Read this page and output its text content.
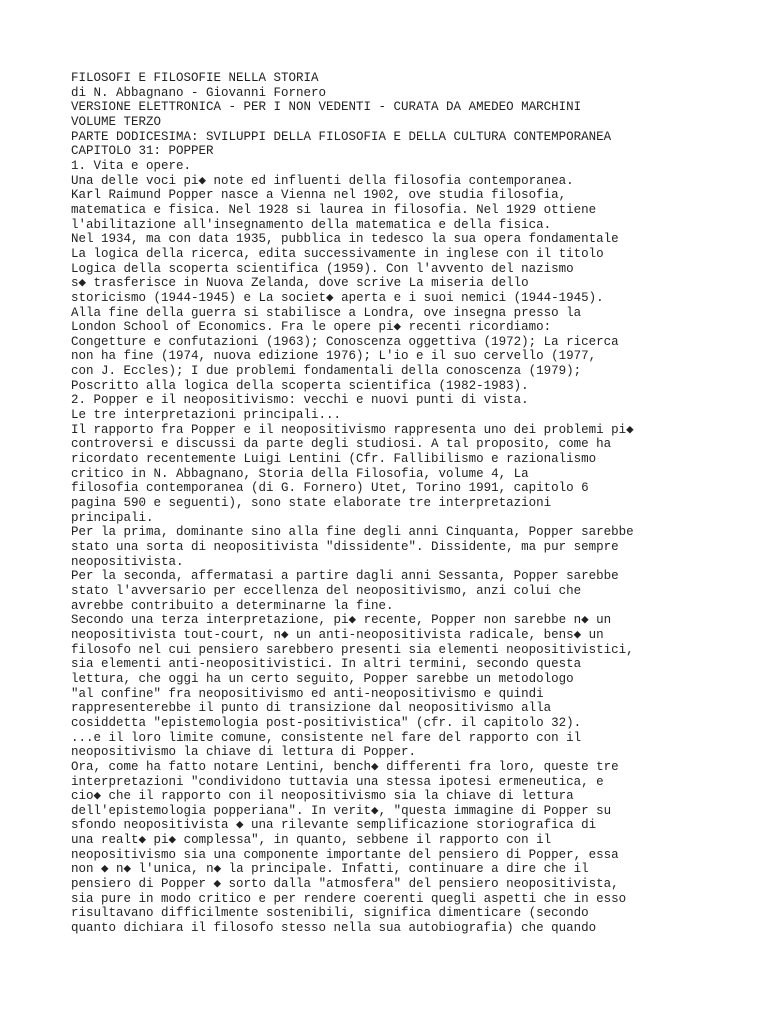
FILOSOFI E FILOSOFIE NELLA STORIA

di N. Abbagnano - Giovanni Fornero

VERSIONE ELETTRONICA - PER I NON VEDENTI - CURATA DA AMEDEO MARCHINI

VOLUME TERZO

PARTE DODICESIMA: SVILUPPI DELLA FILOSOFIA E DELLA CULTURA CONTEMPORANEA

CAPITOLO 31: POPPER

1. Vita e opere.

Una delle voci pi◆ note ed influenti della filosofia contemporanea.

Karl Raimund Popper nasce a Vienna nel 1902, ove studia filosofia,

matematica e fisica. Nel 1928 si laurea in filosofia. Nel 1929 ottiene

l'abilitazione all'insegnamento della matematica e della fisica.

Nel 1934, ma con data 1935, pubblica in tedesco la sua opera fondamentale

La logica della ricerca, edita successivamente in inglese con il titolo

Logica della scoperta scientifica (1959). Con l'avvento del nazismo

s◆ trasferisce in Nuova Zelanda, dove scrive La miseria dello

storicismo (1944-1945) e La societ◆ aperta e i suoi nemici (1944-1945).

Alla fine della guerra si stabilisce a Londra, ove insegna presso la

London School of Economics. Fra le opere pi◆ recenti ricordiamo:

Congetture e confutazioni (1963); Conoscenza oggettiva (1972); La ricerca

non ha fine (1974, nuova edizione 1976); L'io e il suo cervello (1977,

con J. Eccles); I due problemi fondamentali della conoscenza (1979);

Poscritto alla logica della scoperta scientifica (1982-1983).

2. Popper e il neopositivismo: vecchi e nuovi punti di vista.

Le tre interpretazioni principali...

Il rapporto fra Popper e il neopositivismo rappresenta uno dei problemi pi◆

controversi e discussi da parte degli studiosi. A tal proposito, come ha

ricordato recentemente Luigi Lentini (Cfr. Fallibilismo e razionalismo

critico in N. Abbagnano, Storia della Filosofia, volume 4, La

filosofia contemporanea (di G. Fornero) Utet, Torino 1991, capitolo 6

pagina 590 e seguenti), sono state elaborate tre interpretazioni

principali.

Per la prima, dominante sino alla fine degli anni Cinquanta, Popper sarebbe

stato una sorta di neopositivista "dissidente". Dissidente, ma pur sempre

neopositivista.

Per la seconda, affermatasi a partire dagli anni Sessanta, Popper sarebbe

stato l'avversario per eccellenza del neopositivismo, anzi colui che

avrebbe contribuito a determinarne la fine.

Secondo una terza interpretazione, pi◆ recente, Popper non sarebbe n◆ un

neopositivista tout-court, n◆ un anti-neopositivista radicale, bens◆ un

filosofo nel cui pensiero sarebbero presenti sia elementi neopositivistici,

sia elementi anti-neopositivistici. In altri termini, secondo questa

lettura, che oggi ha un certo seguito, Popper sarebbe un metodologo

"al confine" fra neopositivismo ed anti-neopositivismo e quindi

rappresenterebbe il punto di transizione dal neopositivismo alla

cosiddetta "epistemologia post-positivistica" (cfr. il capitolo 32).

...e il loro limite comune, consistente nel fare del rapporto con il

neopositivismo la chiave di lettura di Popper.

Ora, come ha fatto notare Lentini, bench◆ differenti fra loro, queste tre

interpretazioni "condividono tuttavia una stessa ipotesi ermeneutica, e

cio◆ che il rapporto con il neopositivismo sia la chiave di lettura

dell'epistemologia popperiana". In verit◆, "questa immagine di Popper su

sfondo neopositivista ◆ una rilevante semplificazione storiografica di

una realt◆ pi◆ complessa", in quanto, sebbene il rapporto con il

neopositivismo sia una componente importante del pensiero di Popper, essa

non ◆ n◆ l'unica, n◆ la principale. Infatti, continuare a dire che il

pensiero di Popper ◆ sorto dalla "atmosfera" del pensiero neopositivista,

sia pure in modo critico e per rendere coerenti quegli aspetti che in esso

risultavano difficilmente sostenibili, significa dimenticare (secondo

quanto dichiara il filosofo stesso nella sua autobiografia) che quando
